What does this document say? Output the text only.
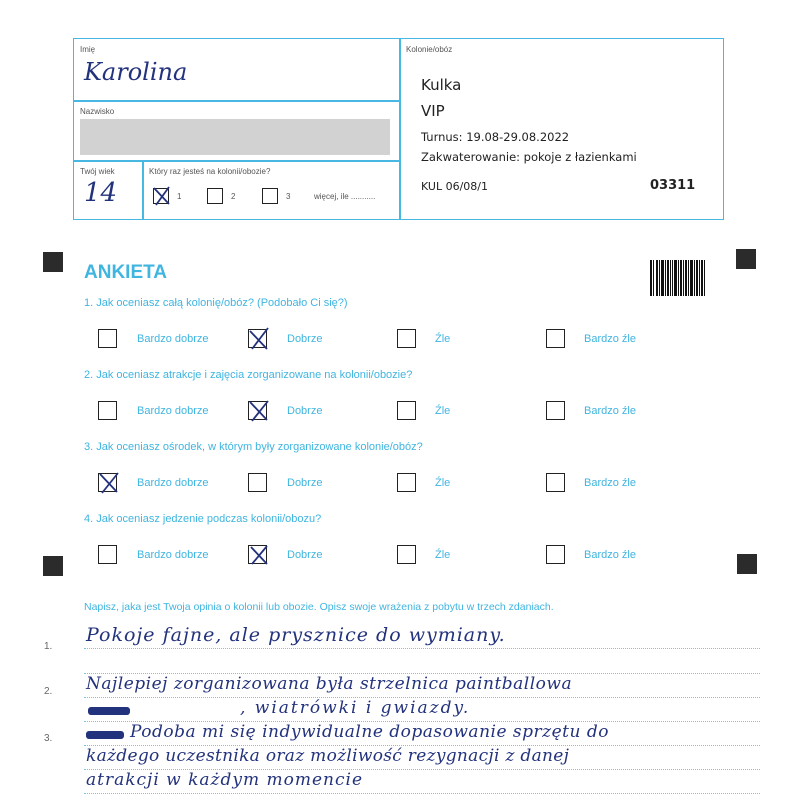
Imię
Karolina
Nazwisko
Twój wiek
14
Który raz jesteś na kolonii/obozie?
1	2	3	więcej, ile ...........
Kolonie/obóz
Kulka
VIP
Turnus: 19.08-29.08.2022
Zakwaterowanie: pokoje z łazienkami
KUL 06/08/1	03311
ANKIETA
1. Jak oceniasz całą kolonię/obóz? (Podobało Ci się?)
Bardzo dobrze	Dobrze	Źle	Bardzo źle
2. Jak oceniasz atrakcje i zajęcia zorganizowane na kolonii/obozie?
Bardzo dobrze	Dobrze	Źle	Bardzo źle
3. Jak oceniasz ośrodek, w którym były zorganizowane kolonie/obóz?
Bardzo dobrze	Dobrze	Źle	Bardzo źle
4. Jak oceniasz jedzenie podczas kolonii/obozu?
Bardzo dobrze	Dobrze	Źle	Bardzo źle
Napisz, jaka jest Twoja opinia o kolonii lub obozie. Opisz swoje wrażenia z pobytu w trzech zdaniach.
1.
2.
3.
Pokoje fajne, ale prysznice do wymiany.
Najlepiej zorganizowana była strzelnica paintballowa
, wiatrówki i gwiazdy.
Podoba mi się indywidualne dopasowanie sprzętu do
każdego uczestnika oraz możliwość rezygnacji z danej
atrakcji w każdym momencie
